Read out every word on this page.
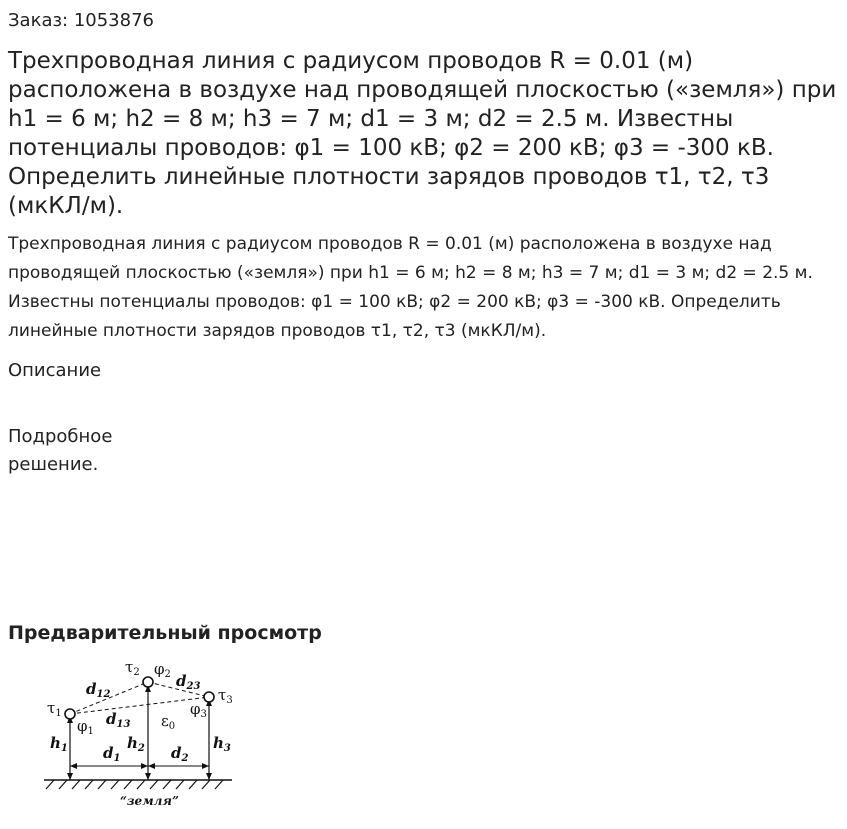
Заказ: 1053876
Трехпроводная линия с радиусом проводов R = 0.01 (м) расположена в воздухе над проводящей плоскостью («земля») при h1 = 6 м; h2 = 8 м; h3 = 7 м; d1 = 3 м; d2 = 2.5 м. Известны потенциалы проводов: φ1 = 100 кВ; φ2 = 200 кВ; φ3 = -300 кВ. Определить линейные плотности зарядов проводов τ1, τ2, τ3 (мкКЛ/м).
Трехпроводная линия с радиусом проводов R = 0.01 (м) расположена в воздухе над проводящей плоскостью («земля») при h1 = 6 м; h2 = 8 м; h3 = 7 м; d1 = 3 м; d2 = 2.5 м. Известны потенциалы проводов: φ1 = 100 кВ; φ2 = 200 кВ; φ3 = -300 кВ. Определить линейные плотности зарядов проводов τ1, τ2, τ3 (мкКЛ/м).
Описание
Подробное решение.
Предварительный просмотр
$\tau_1$
$\varphi_1$
$\tau_2$ $\varphi_2$
$\tau_3$
$\varphi_3$
$d_{12}$
$d_{13}$
$d_{23}$
$\varepsilon_0$
$h_1$	$h_2$	$h_3$
$d_1$	$d_2$
“земля”
